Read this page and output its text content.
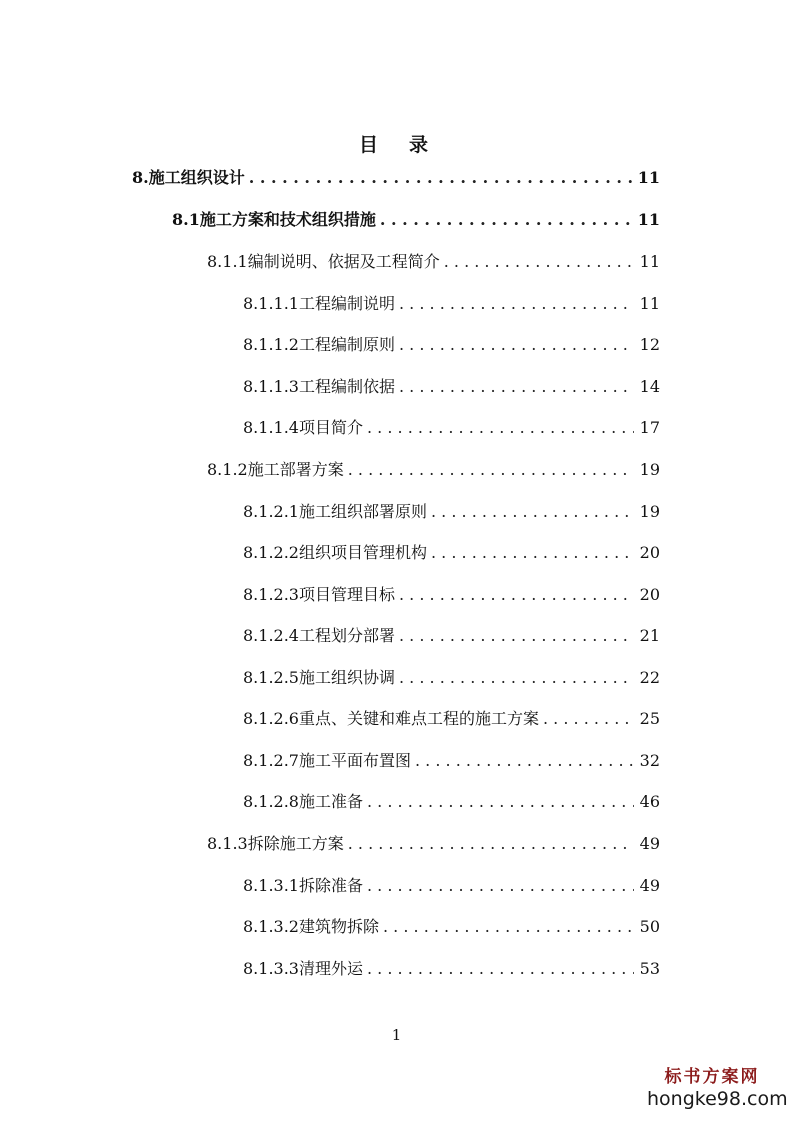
目　录
8. 施工组织设计 . . .	11
8.1 施工方案和技术组织措施 . . .	11
8.1.1 编制说明、依据及工程简介 . . .	11
8.1.1.1 工程编制说明 . . .	11
8.1.1.2 工程编制原则 . . .	12
8.1.1.3 工程编制依据 . . .	14
8.1.1.4 项目简介 . . .	17
8.1.2 施工部署方案 . . .	19
8.1.2.1 施工组织部署原则 . . .	19
8.1.2.2 组织项目管理机构 . . .	20
8.1.2.3 项目管理目标 . . .	20
8.1.2.4 工程划分部署 . . .	21
8.1.2.5 施工组织协调 . . .	22
8.1.2.6 重点、关键和难点工程的施工方案 . . .	25
8.1.2.7 施工平面布置图 . . .	32
8.1.2.8 施工准备 . . .	46
8.1.3 拆除施工方案 . . .	49
8.1.3.1 拆除准备 . . .	49
8.1.3.2 建筑物拆除 . . .	50
8.1.3.3 清理外运 . . .	53
1
标书方案网
hongke98.com
